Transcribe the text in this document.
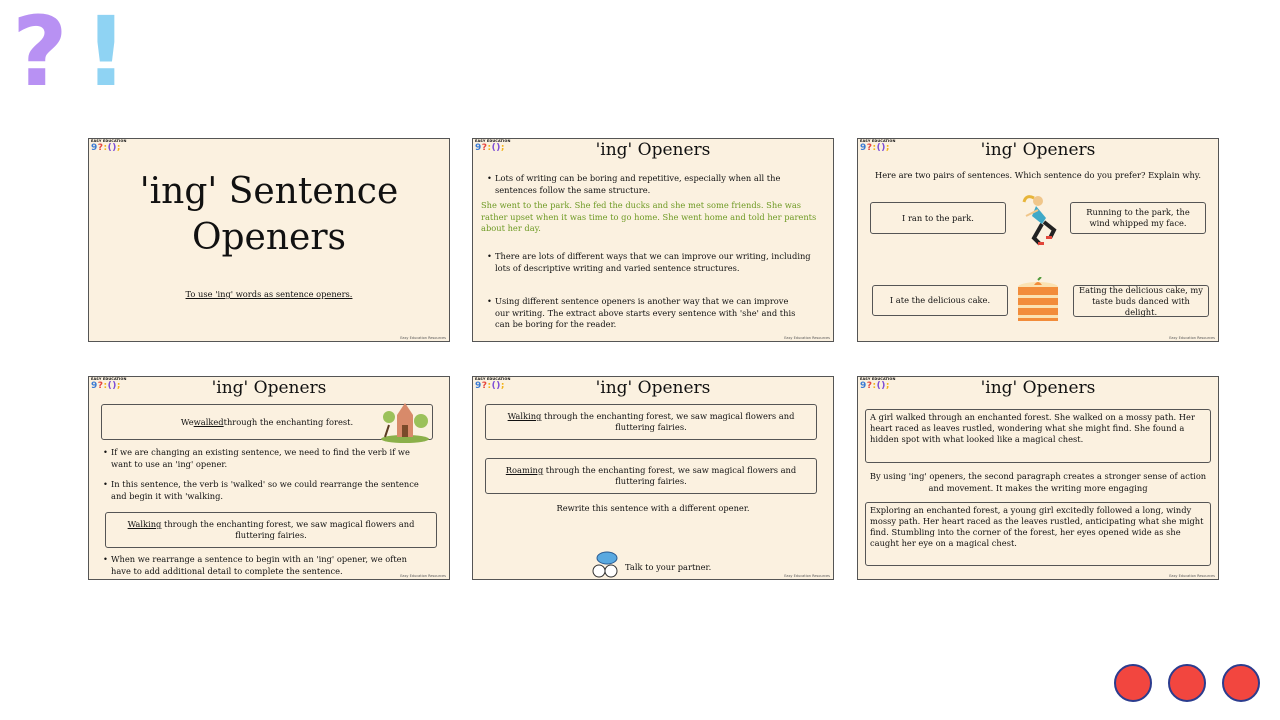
? !
EASY EDUCATION
9?:();
'ing' Sentence Openers
To use 'ing' words as sentence openers.
Easy Education Resources
EASY EDUCATION
9?:();	'ing' Openers
• Lots of writing can be boring and repetitive, especially when all the sentences follow the same structure.
She went to the park. She fed the ducks and she met some friends. She was rather upset when it was time to go home. She went home and told her parents about her day.
• There are lots of different ways that we can improve our writing, including lots of descriptive writing and varied sentence structures.
• Using different sentence openers is another way that we can improve our writing. The extract above starts every sentence with 'she' and this can be boring for the reader.
Easy Education Resources
EASY EDUCATION
9?:();	'ing' Openers
Here are two pairs of sentences. Which sentence do you prefer? Explain why.
I ran to the park.
Running to the park, the wind whipped my face.
I ate the delicious cake.
Eating the delicious cake, my taste buds danced with delight.
Easy Education Resources
EASY EDUCATION
9?:();	'ing' Openers
We walked through the enchanting forest.
• If we are changing an existing sentence, we need to find the verb if we want to use an 'ing' opener.
• In this sentence, the verb is 'walked' so we could rearrange the sentence and begin it with 'walking.
Walking through the enchanting forest, we saw magical flowers and fluttering fairies.
• When we rearrange a sentence to begin with an 'ing' opener, we often have to add additional detail to complete the sentence.
Easy Education Resources
EASY EDUCATION
9?:();	'ing' Openers
Walking through the enchanting forest, we saw magical flowers and fluttering fairies.
Roaming through the enchanting forest, we saw magical flowers and fluttering fairies.
Rewrite this sentence with a different opener.
Talk to your partner.
Easy Education Resources
EASY EDUCATION
9?:();	'ing' Openers
A girl walked through an enchanted forest. She walked on a mossy path. Her heart raced as leaves rustled, wondering what she might find. She found a hidden spot with what looked like a magical chest.
By using 'ing' openers, the second paragraph creates a stronger sense of action and movement. It makes the writing more engaging
Exploring an enchanted forest, a young girl excitedly followed a long, windy mossy path. Her heart raced as the leaves rustled, anticipating what she might find. Stumbling into the corner of the forest, her eyes opened wide as she caught her eye on a magical chest.
Easy Education Resources
